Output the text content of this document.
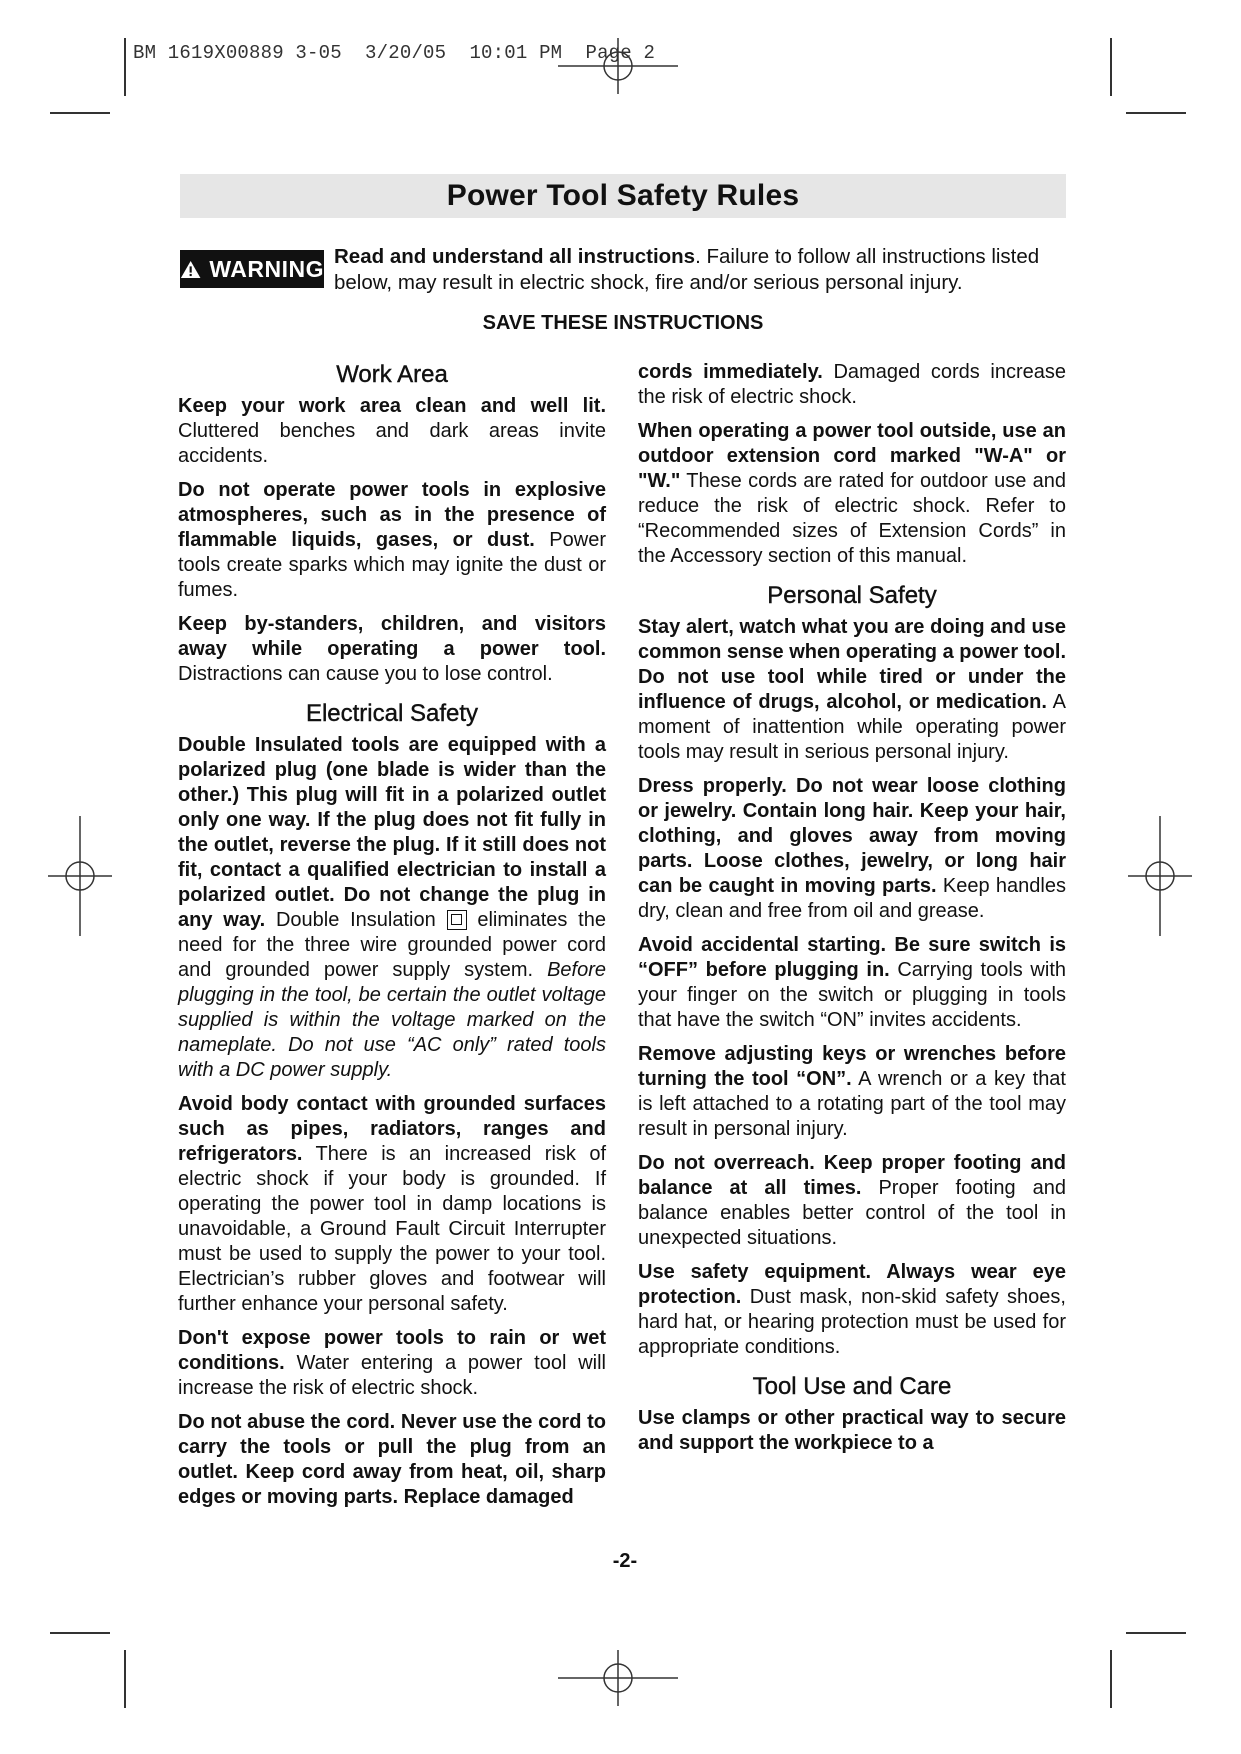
BM 1619X00889 3-05  3/20/05  10:01 PM  Page 2
Power Tool Safety Rules
WARNING Read and understand all instructions. Failure to follow all instructions listed below, may result in electric shock, fire and/or serious personal injury.
SAVE THESE INSTRUCTIONS
Work Area

Keep your work area clean and well lit. Cluttered benches and dark areas invite accidents.

Do not operate power tools in explosive atmospheres, such as in the presence of flammable liquids, gases, or dust. Power tools create sparks which may ignite the dust or fumes.

Keep by-standers, children, and visitors away while operating a power tool. Distractions can cause you to lose control.

Electrical Safety

Double Insulated tools are equipped with a polarized plug (one blade is wider than the other.) This plug will fit in a polarized outlet only one way. If the plug does not fit fully in the outlet, reverse the plug. If it still does not fit, contact a qualified electrician to install a polarized outlet. Do not change the plug in any way. Double Insulation  eliminates the need for the three wire grounded power cord and grounded power supply system. Before plugging in the tool, be certain the outlet voltage supplied is within the voltage marked on the nameplate. Do not use “AC only” rated tools with a DC power supply.

Avoid body contact with grounded surfaces such as pipes, radiators, ranges and refrigerators. There is an increased risk of electric shock if your body is grounded. If operating the power tool in damp locations is unavoidable, a Ground Fault Circuit Interrupter must be used to supply the power to your tool. Electrician’s rubber gloves and footwear will further enhance your personal safety.

Don't expose power tools to rain or wet conditions. Water entering a power tool will increase the risk of electric shock.

Do not abuse the cord. Never use the cord to carry the tools or pull the plug from an outlet. Keep cord away from heat, oil, sharp edges or moving parts. Replace damaged

cords immediately. Damaged cords increase the risk of electric shock.

When operating a power tool outside, use an outdoor extension cord marked "W-A" or "W." These cords are rated for outdoor use and reduce the risk of electric shock. Refer to “Recommended sizes of Extension Cords” in the Accessory section of this manual.

Personal Safety

Stay alert, watch what you are doing and use common sense when operating a power tool. Do not use tool while tired or under the influence of drugs, alcohol, or medication. A moment of inattention while operating power tools may result in serious personal injury.

Dress properly. Do not wear loose clothing or jewelry. Contain long hair. Keep your hair, clothing, and gloves away from moving parts. Loose clothes, jewelry, or long hair can be caught in moving parts. Keep handles dry, clean and free from oil and grease.

Avoid accidental starting. Be sure switch is “OFF” before plugging in. Carrying tools with your finger on the switch or plugging in tools that have the switch “ON” invites accidents.

Remove adjusting keys or wrenches before turning the tool “ON”. A wrench or a key that is left attached to a rotating part of the tool may result in personal injury.

Do not overreach. Keep proper footing and balance at all times. Proper footing and balance enables better control of the tool in unexpected situations.

Use safety equipment. Always wear eye protection. Dust mask, non-skid safety shoes, hard hat, or hearing protection must be used for appropriate conditions.

Tool Use and Care

Use clamps or other practical way to secure and support the workpiece to a

-2-
